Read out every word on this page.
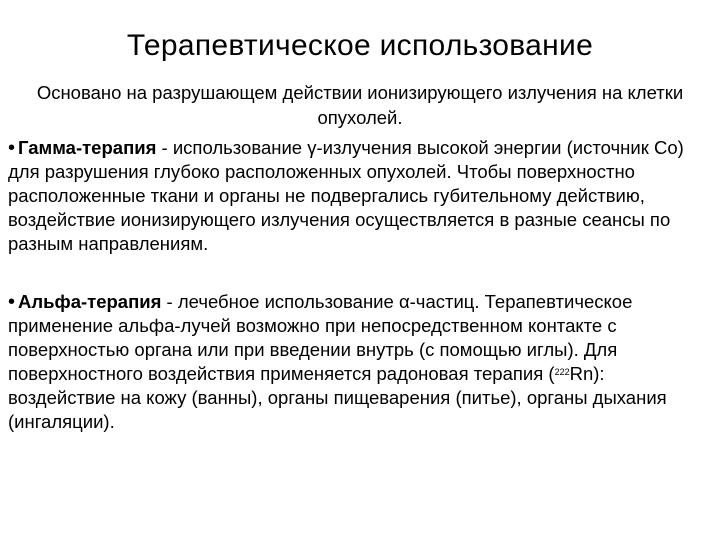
Терапевтическое использование
Основано на разрушающем действии ионизирующего излучения на клетки опухолей.
• Гамма-терапия - использование γ-излучения высокой энергии (источник Co) для разрушения глубоко расположенных опухолей. Чтобы поверхностно расположенные ткани и органы не подвергались губительному действию, воздействие ионизирующего излучения осуществляется в разные сеансы по разным направлениям.
• Альфа-терапия - лечебное использование α-частиц. Терапевтическое применение альфа-лучей возможно при непосредственном контакте с поверхностью органа или при введении внутрь (с помощью иглы). Для поверхностного воздействия применяется радоновая терапия ($^{222}$Rn): воздействие на кожу (ванны), органы пищеварения (питье), органы дыхания (ингаляции).
